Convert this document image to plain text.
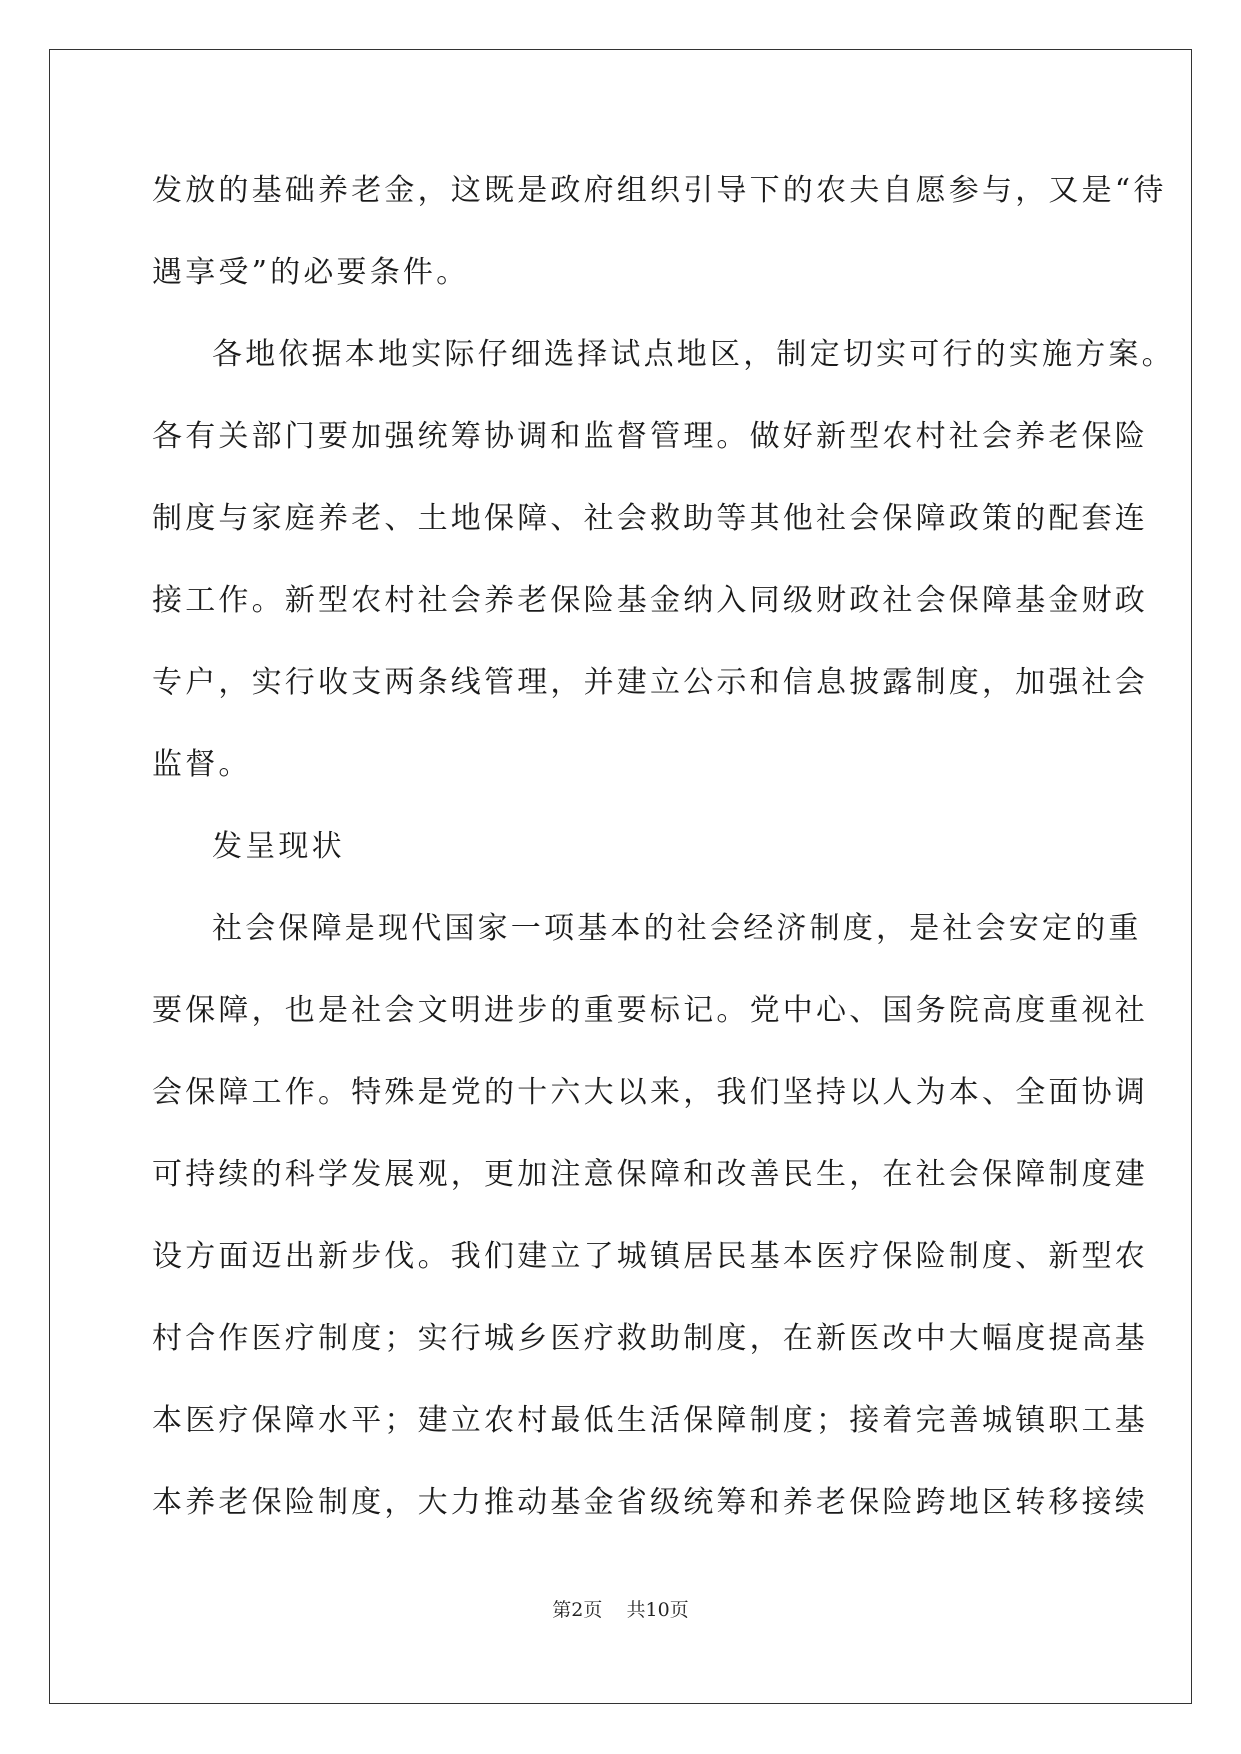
发放的基础养老金，这既是政府组织引导下的农夫自愿参与，又是“待
遇享受”的必要条件。
各地依据本地实际仔细选择试点地区，制定切实可行的实施方案。
各有关部门要加强统筹协调和监督管理。做好新型农村社会养老保险
制度与家庭养老、土地保障、社会救助等其他社会保障政策的配套连
接工作。新型农村社会养老保险基金纳入同级财政社会保障基金财政
专户，实行收支两条线管理，并建立公示和信息披露制度，加强社会
监督。
发呈现状
社会保障是现代国家一项基本的社会经济制度，是社会安定的重
要保障，也是社会文明进步的重要标记。党中心、国务院高度重视社
会保障工作。特殊是党的十六大以来，我们坚持以人为本、全面协调
可持续的科学发展观，更加注意保障和改善民生，在社会保障制度建
设方面迈出新步伐。我们建立了城镇居民基本医疗保险制度、新型农
村合作医疗制度；实行城乡医疗救助制度，在新医改中大幅度提高基
本医疗保障水平；建立农村最低生活保障制度；接着完善城镇职工基
本养老保险制度，大力推动基金省级统筹和养老保险跨地区转移接续
第2页 共10页
